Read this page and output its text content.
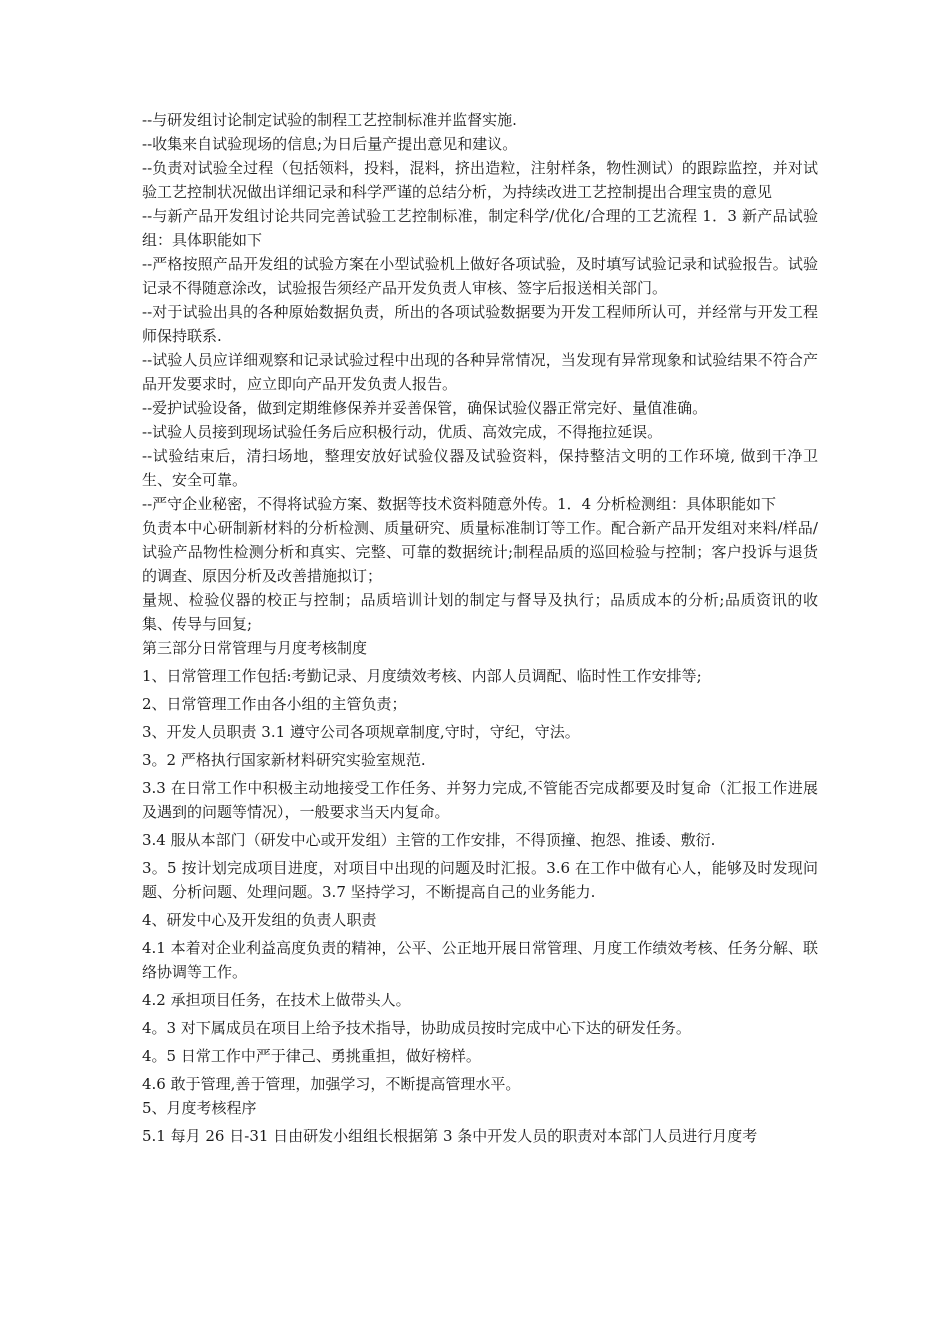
--与研发组讨论制定试验的制程工艺控制标准并监督实施.

--收集来自试验现场的信息;为日后量产提出意见和建议。

--负责对试验全过程（包括领料，投料，混料，挤出造粒，注射样条，物性测试）的跟踪监控，并对试验工艺控制状况做出详细记录和科学严谨的总结分析，为持续改进工艺控制提出合理宝贵的意见

--与新产品开发组讨论共同完善试验工艺控制标准，制定科学/优化/合理的工艺流程 1．3 新产品试验组：具体职能如下

--严格按照产品开发组的试验方案在小型试验机上做好各项试验，及时填写试验记录和试验报告。试验记录不得随意涂改，试验报告须经产品开发负责人审核、签字后报送相关部门。

--对于试验出具的各种原始数据负责，所出的各项试验数据要为开发工程师所认可，并经常与开发工程师保持联系.

--试验人员应详细观察和记录试验过程中出现的各种异常情况，当发现有异常现象和试验结果不符合产品开发要求时，应立即向产品开发负责人报告。

--爱护试验设备，做到定期维修保养并妥善保管，确保试验仪器正常完好、量值准确。

--试验人员接到现场试验任务后应积极行动，优质、高效完成，不得拖拉延误。

--试验结束后，清扫场地，整理安放好试验仪器及试验资料，保持整洁文明的工作环境, 做到干净卫生、安全可靠。

--严守企业秘密，不得将试验方案、数据等技术资料随意外传。1．4 分析检测组：具体职能如下

负责本中心研制新材料的分析检测、质量研究、质量标准制订等工作。配合新产品开发组对来料/样品/试验产品物性检测分析和真实、完整、可靠的数据统计;制程品质的巡回检验与控制；客户投诉与退货的调查、原因分析及改善措施拟订；

量规、检验仪器的校正与控制；品质培训计划的制定与督导及执行；品质成本的分析;品质资讯的收集、传导与回复;

第三部分日常管理与月度考核制度

1、日常管理工作包括:考勤记录、月度绩效考核、内部人员调配、临时性工作安排等;

2、日常管理工作由各小组的主管负责；

3、开发人员职责 3.1 遵守公司各项规章制度,守时，守纪，守法。

3。2 严格执行国家新材料研究实验室规范.

3.3 在日常工作中积极主动地接受工作任务、并努力完成,不管能否完成都要及时复命（汇报工作进展及遇到的问题等情况），一般要求当天内复命。

3.4 服从本部门（研发中心或开发组）主管的工作安排，不得顶撞、抱怨、推诿、敷衍.

3。5 按计划完成项目进度，对项目中出现的问题及时汇报。3.6 在工作中做有心人，能够及时发现问题、分析问题、处理问题。3.7 坚持学习，不断提高自己的业务能力.

4、研发中心及开发组的负责人职责

4.1 本着对企业利益高度负责的精神，公平、公正地开展日常管理、月度工作绩效考核、任务分解、联络协调等工作。

4.2 承担项目任务，在技术上做带头人。

4。3 对下属成员在项目上给予技术指导，协助成员按时完成中心下达的研发任务。

4。5 日常工作中严于律己、勇挑重担，做好榜样。

4.6 敢于管理,善于管理，加强学习，不断提高管理水平。

5、月度考核程序

5.1 每月 26 日-31 日由研发小组组长根据第 3 条中开发人员的职责对本部门人员进行月度考
